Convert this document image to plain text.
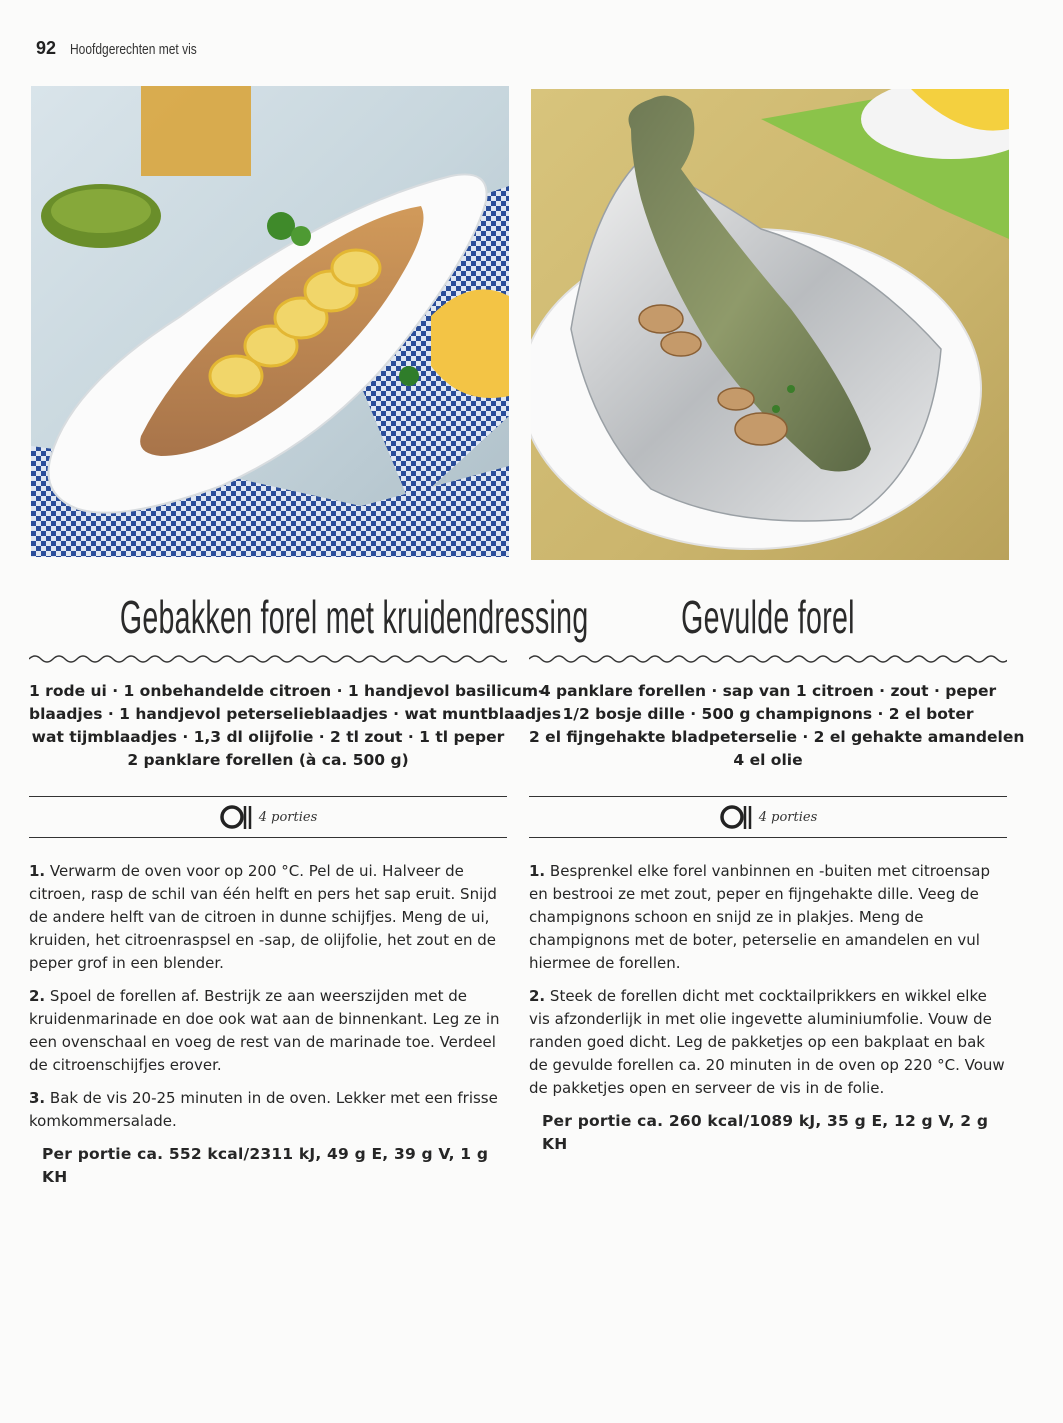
92 Hoofdgerechten met vis
Gebakken forel met kruidendressing
1 rode ui · 1 onbehandelde citroen · 1 handjevol basilicum-
blaadjes · 1 handjevol peterselieblaadjes · wat muntblaadjes
wat tijmblaadjes · 1,3 dl olijfolie · 2 tl zout · 1 tl peper
2 panklare forellen (à ca. 500 g)
4 porties

1. Verwarm de oven voor op 200 °C. Pel de ui. Halveer de citroen, rasp de schil van één helft en pers het sap eruit. Snijd de andere helft van de citroen in dunne schijfjes. Meng de ui, kruiden, het citroenraspsel en -sap, de olijfolie, het zout en de peper grof in een blender.

2. Spoel de forellen af. Bestrijk ze aan weerszijden met de kruidenmarinade en doe ook wat aan de binnenkant. Leg ze in een ovenschaal en voeg de rest van de marinade toe. Verdeel de citroenschijfjes erover.

3. Bak de vis 20-25 minuten in de oven. Lekker met een frisse komkommersalade.

Per portie ca. 552 kcal/2311 kJ, 49 g E, 39 g V, 1 g KH
Gevulde forel
4 panklare forellen · sap van 1 citroen · zout · peper
1/2 bosje dille · 500 g champignons · 2 el boter
2 el fijngehakte bladpeterselie · 2 el gehakte amandelen
4 el olie
4 porties

1. Besprenkel elke forel vanbinnen en -buiten met citroensap en bestrooi ze met zout, peper en fijngehakte dille. Veeg de champignons schoon en snijd ze in plakjes. Meng de champignons met de boter, peterselie en amandelen en vul hiermee de forellen.

2. Steek de forellen dicht met cocktailprikkers en wikkel elke vis afzonderlijk in met olie ingevette aluminiumfolie. Vouw de randen goed dicht. Leg de pakketjes op een bakplaat en bak de gevulde forellen ca. 20 minuten in de oven op 220 °C. Vouw de pakketjes open en serveer de vis in de folie.

Per portie ca. 260 kcal/1089 kJ, 35 g E, 12 g V, 2 g KH
